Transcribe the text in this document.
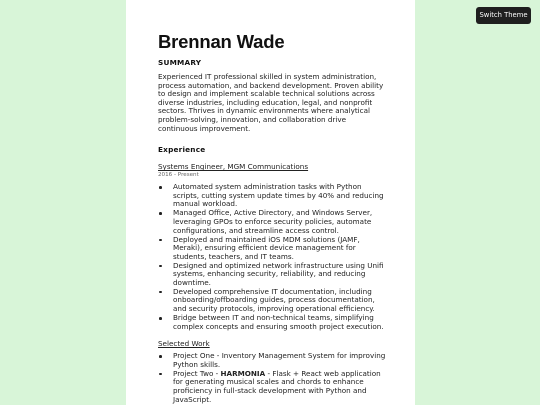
Brennan Wade
SUMMARY

Experienced IT professional skilled in system administration, process automation, and backend development. Proven ability to design and implement scalable technical solutions across diverse industries, including education, legal, and nonprofit sectors. Thrives in dynamic environments where analytical problem-solving, innovation, and collaboration drive continuous improvement.

Experience
Systems Engineer, MGM Communications
2016 - Present
Automated system administration tasks with Python scripts, cutting system update times by 40% and reducing manual workload.
Managed Office, Active Directory, and Windows Server, leveraging GPOs to enforce security policies, automate configurations, and streamline access control.
Deployed and maintained iOS MDM solutions (JAMF, Meraki), ensuring efficient device management for students, teachers, and IT teams.
Designed and optimized network infrastructure using Unifi systems, enhancing security, reliability, and reducing downtime.
Developed comprehensive IT documentation, including onboarding/offboarding guides, process documentation, and security protocols, improving operational efficiency.
Bridge between IT and non-technical teams, simplifying complex concepts and ensuring smooth project execution.
Selected Work
Project One - Inventory Management System for improving Python skills.
Project Two - HARMONIA - Flask + React web application for generating musical scales and chords to enhance proficiency in full-stack development with Python and JavaScript.
Switch Theme
